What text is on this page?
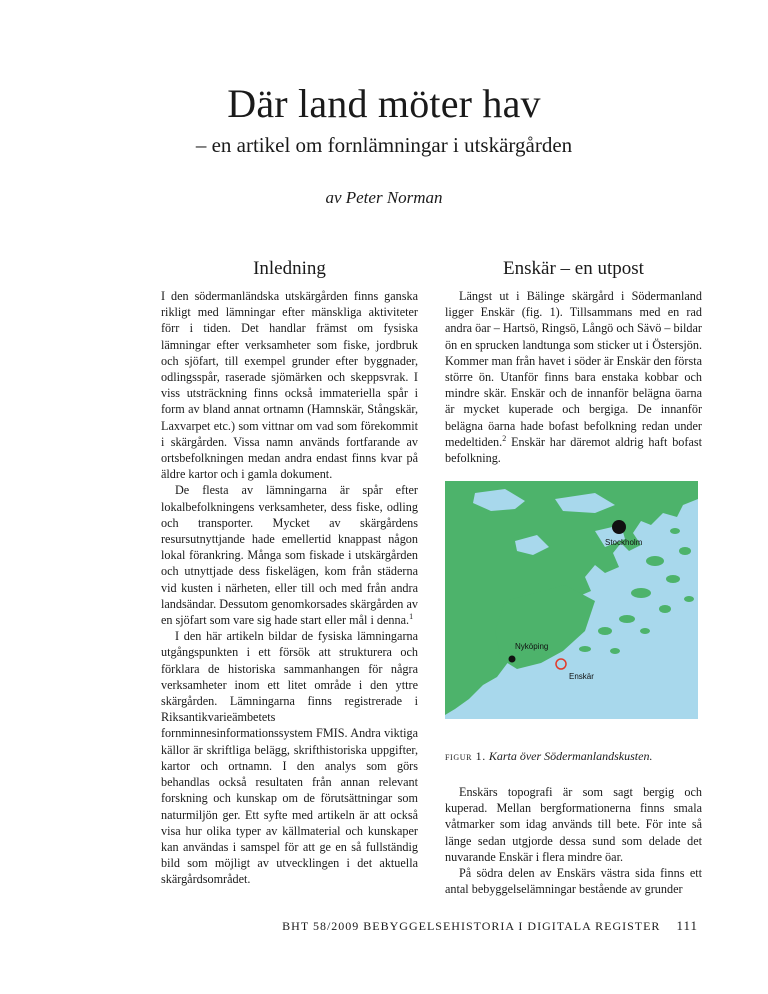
Där land möter hav

– en artikel om fornlämningar i utskärgården

av Peter Norman

Inledning

I den södermanländska utskärgården finns ganska rikligt med lämningar efter mänskliga aktiviteter förr i tiden. Det handlar främst om fysiska lämningar efter verksamheter som fiske, jordbruk och sjöfart, till exempel grunder efter byggnader, odlingsspår, raserade sjömärken och skeppsvrak. I viss utsträckning finns också immateriella spår i form av bland annat ortnamn (Hamnskär, Stångskär, Laxvarpet etc.) som vittnar om vad som förekommit i skärgården. Vissa namn används fortfarande av ortsbefolkningen medan andra endast finns kvar på äldre kartor och i gamla dokument.

De flesta av lämningarna är spår efter lokalbefolkningens verksamheter, dess fiske, odling och transporter. Mycket av skärgårdens resursutnyttjande hade emellertid knappast någon lokal förankring. Många som fiskade i utskärgården och utnyttjade dess fiskelägen, kom från städerna vid kusten i närheten, eller till och med från andra landsändar. Dessutom genomkorsades skärgården av en sjöfart som vare sig hade start eller mål i denna.$^1$

I den här artikeln bildar de fysiska lämningarna utgångspunkten i ett försök att strukturera och förklara de historiska sammanhangen för några verksamheter inom ett litet område i den yttre skärgården. Lämningarna finns registrerade i Riksantikvarieämbetets fornminnesinformationssystem FMIS. Andra viktiga källor är skriftliga belägg, skrifthistoriska uppgifter, kartor och ortnamn. I den analys som görs behandlas också resultaten från annan relevant forskning och kunskap om de förutsättningar som naturmiljön ger. Ett syfte med artikeln är att också visa hur olika typer av källmaterial och kunskaper kan användas i samspel för att ge en så fullständig bild som möjligt av utvecklingen i det aktuella skärgårdsområdet.

Enskär – en utpost

Längst ut i Bälinge skärgård i Södermanland ligger Enskär (fig. 1). Tillsammans med en rad andra öar – Hartsö, Ringsö, Långö och Sävö – bildar ön en sprucken landtunga som sticker ut i Östersjön. Kommer man från havet i söder är Enskär den första större ön. Utanför finns bara enstaka kobbar och mindre skär. Enskär och de innanför belägna öarna är mycket kuperade och bergiga. De innanför belägna öarna hade bofast befolkning redan under medeltiden.$^2$ Enskär har däremot aldrig haft bofast befolkning.

Stockholm
Nyköping
Enskär

figur 1. Karta över Södermanlandskusten.

Enskärs topografi är som sagt bergig och kuperad. Mellan bergformationerna finns smala våtmarker som idag används till bete. För inte så länge sedan utgjorde dessa sund som delade det nuvarande Enskär i flera mindre öar.

På södra delen av Enskärs västra sida finns ett antal bebyggelselämningar bestående av grunder

BHT 58/2009 BEBYGGELSEHISTORIA I DIGITALA REGISTER 111
